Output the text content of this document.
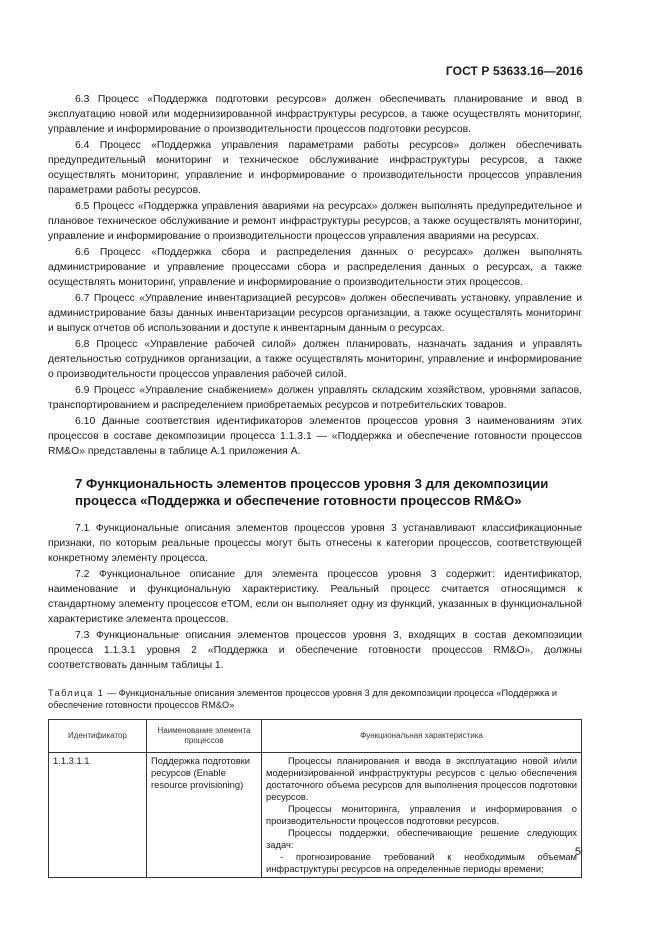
ГОСТ Р 53633.16—2016

6.3 Процесс «Поддержка подготовки ресурсов» должен обеспечивать планирование и ввод в эксплуатацию новой или модернизированной инфраструктуры ресурсов, а также осуществлять мониторинг, управление и информирование о производительности процессов подготовки ресурсов.

6.4 Процесс «Поддержка управления параметрами работы ресурсов» должен обеспечивать предупредительный мониторинг и техническое обслуживание инфраструктуры ресурсов, а также осуществлять мониторинг, управление и информирование о производительности процессов управления параметрами работы ресурсов.

6.5 Процесс «Поддержка управления авариями на ресурсах» должен выполнять предупредительное и плановое техническое обслуживание и ремонт инфраструктуры ресурсов, а также осуществлять мониторинг, управление и информирование о производительности процессов управления авариями на ресурсах.

6.6 Процесс «Поддержка сбора и распределения данных о ресурсах» должен выполнять администрирование и управление процессами сбора и распределения данных о ресурсах, а также осуществлять мониторинг, управление и информирование о производительности этих процессов.

6.7 Процесс «Управление инвентаризацией ресурсов» должен обеспечивать установку, управление и администрирование базы данных инвентаризации ресурсов организации, а также осуществлять мониторинг и выпуск отчетов об использовании и доступе к инвентарным данным о ресурсах.

6.8 Процесс «Управление рабочей силой» должен планировать, назначать задания и управлять деятельностью сотрудников организации, а также осуществлять мониторинг, управление и информирование о производительности процессов управления рабочей силой.

6.9 Процесс «Управление снабжением» должен управлять складским хозяйством, уровнями запасов, транспортированием и распределением приобретаемых ресурсов и потребительских товаров.

6.10 Данные соответствия идентификаторов элементов процессов уровня 3 наименованиям этих процессов в составе декомпозиции процесса 1.1.3.1 — «Поддержка и обеспечение готовности процессов RM&O» представлены в таблице А.1 приложения А.

7 Функциональность элементов процессов уровня 3 для декомпозиции процесса «Поддержка и обеспечение готовности процессов RM&O»

7.1 Функциональные описания элементов процессов уровня 3 устанавливают классификационные признаки, по которым реальные процессы могут быть отнесены к категории процессов, соответствующей конкретному элементу процесса.

7.2 Функциональное описание для элемента процессов уровня 3 содержит: идентификатор, наименование и функциональную характеристику. Реальный процесс считается относящимся к стандартному элементу процессов еТОМ, если он выполняет одну из функций, указанных в функциональной характеристике элемента процессов.

7.3 Функциональные описания элементов процессов уровня 3, входящих в состав декомпозиции процесса 1.1.3.1 уровня 2 «Поддержка и обеспечение готовности процессов RM&O», должны соответствовать данным таблицы 1.

Таблица 1 — Функциональные описания элементов процессов уровня 3 для декомпозиции процесса «Поддержка и обеспечение готовности процессов RM&O»
Идентификатор	Наименование элемента процессов	Функциональная характеристика
1.1.3.1.1	Поддержка подготовки ресурсов (Enable resource provisioning)	Процессы планирования и ввода в эксплуатацию новой и/или модернизированной инфраструктуры ресурсов с целью обеспечения достаточного объема ресурсов для выполнения процессов подготовки ресурсов.

Процессы мониторинга, управления и информирования о производительности процессов подготовки ресурсов.

Процессы поддержки, обеспечивающие решение следующих задач:

- прогнозирование требований к необходимым объемам инфраструктуры ресурсов на определенные периоды времени;

5
